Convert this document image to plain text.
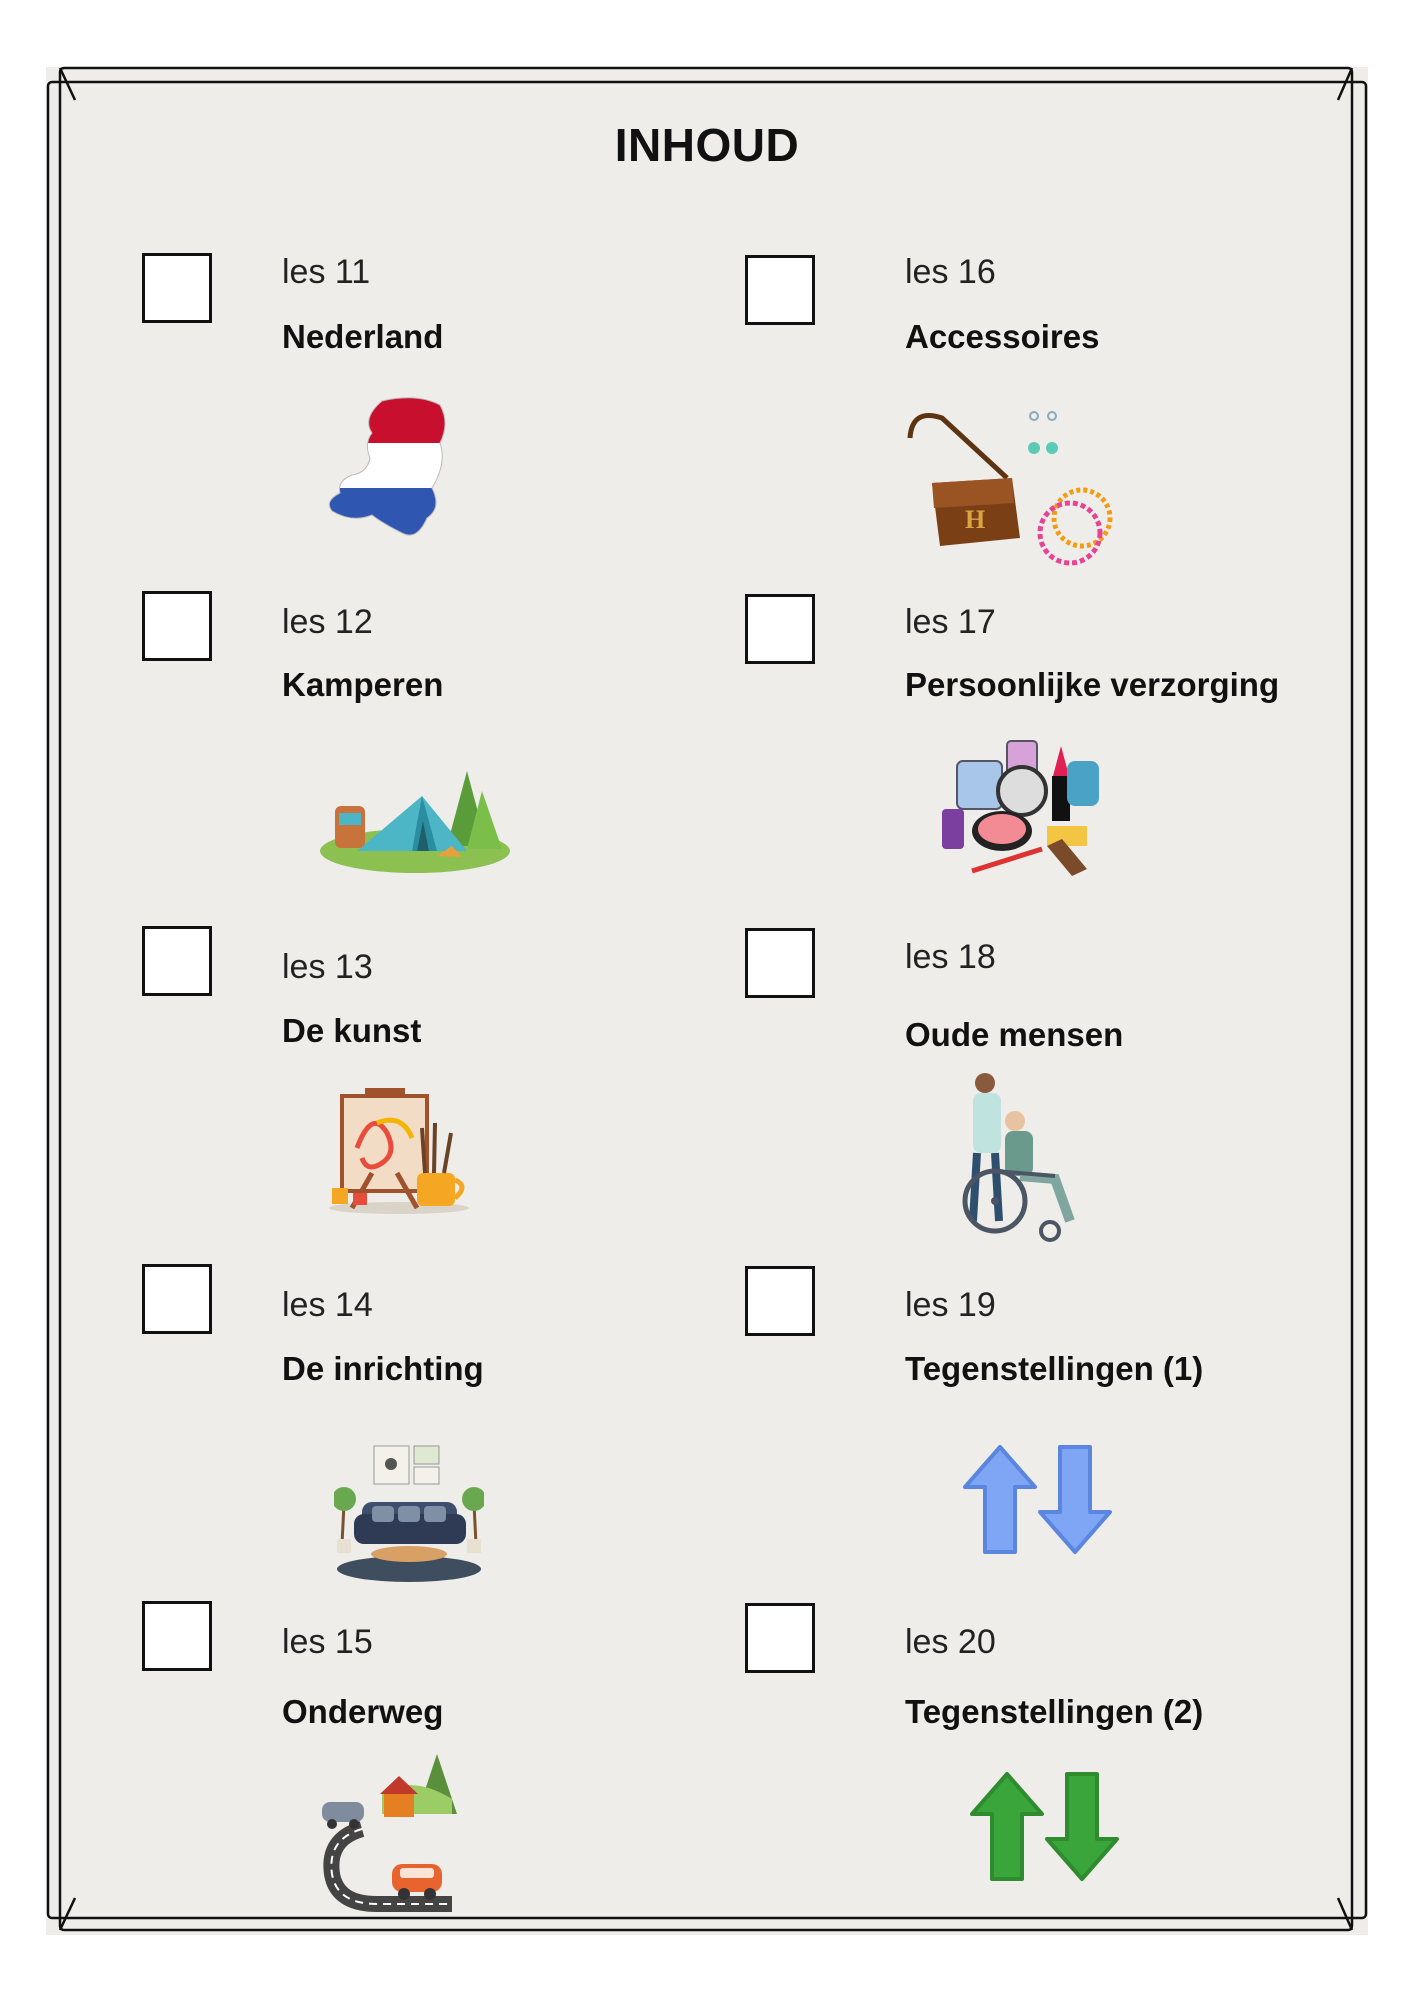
INHOUD
les 11
Nederland
les 12
Kamperen
les 13
De kunst
les 14
De inrichting
les 15
Onderweg
les 16
Accessoires
H
les 17
Persoonlijke verzorging
les 18
Oude mensen
les 19
Tegenstellingen (1)
les 20
Tegenstellingen (2)
